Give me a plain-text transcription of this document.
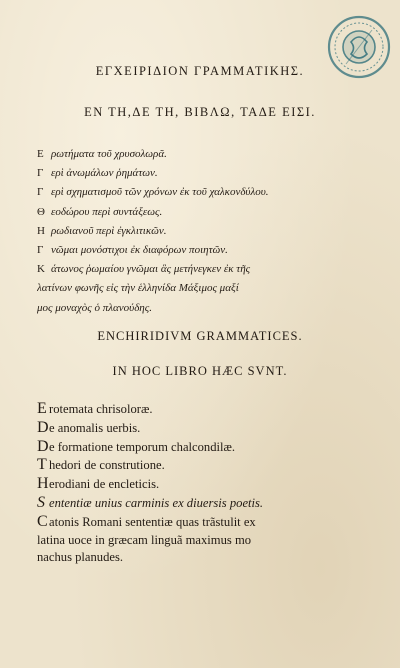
ΕΓΧΕΙΡΙΔΙΟΝ ΓΡΑΜΜΑΤΙΚΗΣ.
ΕΝ ΤΗ,ΔΕ ΤΗ, ΒΙΒΛΩ, ΤΑΔΕ ΕΙΣΙ.
Ε ρωτήματα τοῦ χρυσολωρᾶ.
Γ ερὶ ἀνωμάλων ῥημάτων.
Γ ερὶ σχηματισμοῦ τῶν χρόνων ἐκ τοῦ χαλκονδύλου.
Θ εοδώρου περὶ συντάξεως.
Η ρωδιανοῦ περὶ ἐγκλιτικῶν.
Γ νῶμαι μονόστιχοι ἐκ διαφόρων ποιητῶν.
Κ άτωνος ῥωμαίου γνῶμαι ἃς μετήνεγκεν ἐκ τῆς
λατίνων φωνῆς εἰς τὴν ἑλληνίδα Μάξιμος μαξί
μος μοναχὸς ὁ πλανούδης.
ENCHIRIDIVM GRAMMATICES.
IN HOC LIBRO HÆC SVNT.
E rotemata chrisoloræ.
De anomalis uerbis.
De formatione temporum chalcondilæ.
T hedori de construtione.
Herodiani de encleticis.
S ententiæ unius carminis ex diuersis poetis.
Catonis Romani sententiæ quas trãstulit ex
latina uoce in græcam linguã maximus mo
nachus planudes.
